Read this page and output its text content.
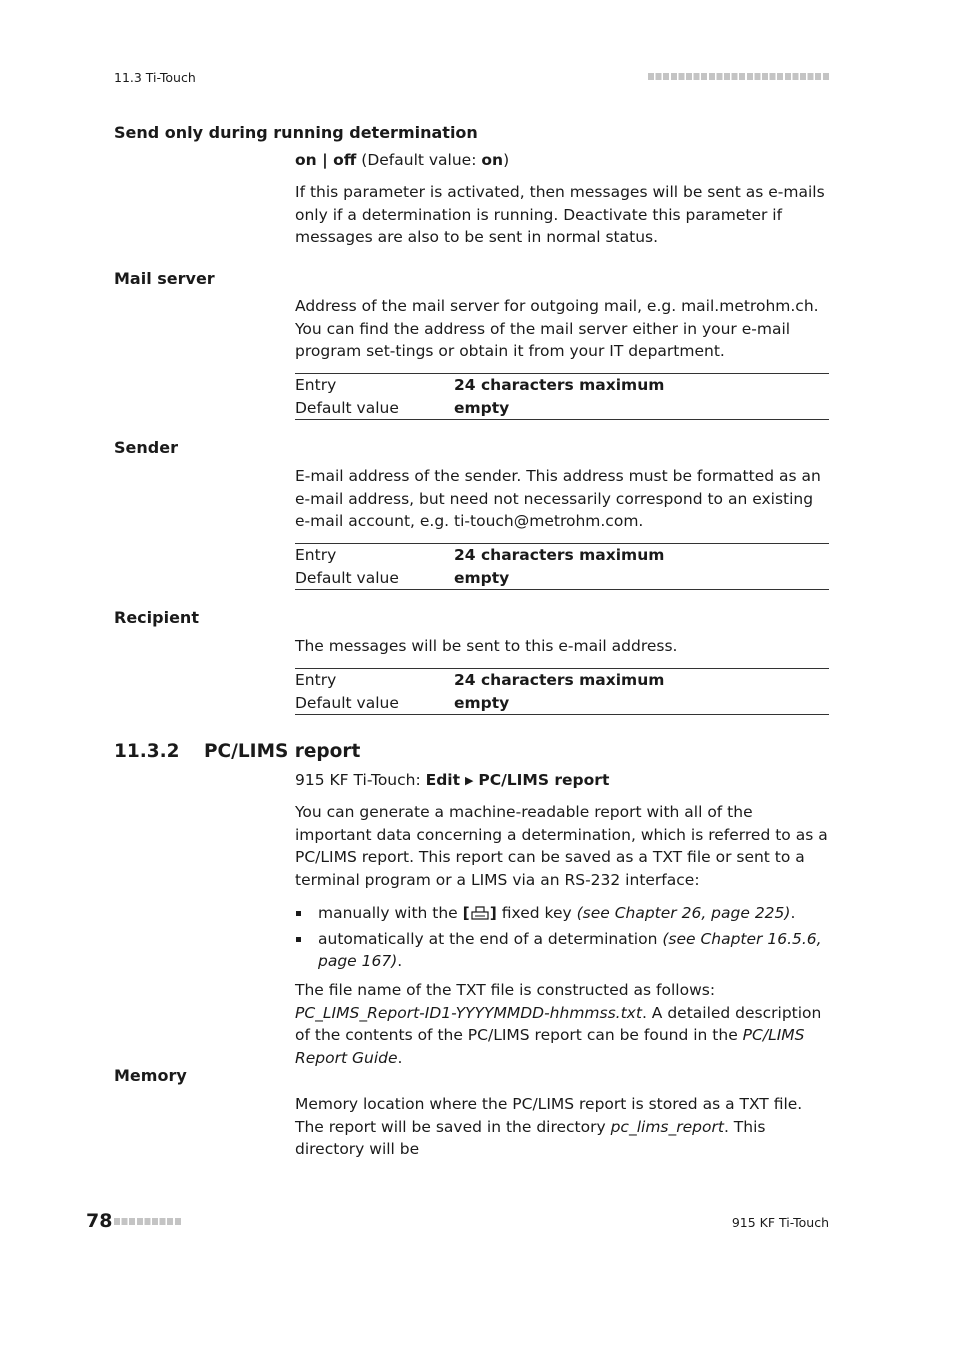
11.3 Ti-Touch
Send only during running determination
on | off (Default value: on)
If this parameter is activated, then messages will be sent as e-mails only if a determination is running. Deactivate this parameter if messages are also to be sent in normal status.
Mail server
Address of the mail server for outgoing mail, e.g. mail.metrohm.ch. You can find the address of the mail server either in your e-mail program set-tings or obtain it from your IT department.
Entry	24 characters maximum
Default value	empty
Sender
E-mail address of the sender. This address must be formatted as an e-mail address, but need not necessarily correspond to an existing e-mail account, e.g. ti-touch@metrohm.com.
Entry	24 characters maximum
Default value	empty
Recipient
The messages will be sent to this e-mail address.
Entry	24 characters maximum
Default value	empty
11.3.2 PC/LIMS report
915 KF Ti-Touch: Edit ▶ PC/LIMS report
You can generate a machine-readable report with all of the important data concerning a determination, which is referred to as a PC/LIMS report. This report can be saved as a TXT file or sent to a terminal program or a LIMS via an RS-232 interface:
manually with the [ ] fixed key (see Chapter 26, page 225).
automatically at the end of a determination (see Chapter 16.5.6, page 167).
The file name of the TXT file is constructed as follows: PC_LIMS_Report-ID1-YYYYMMDD-hhmmss.txt. A detailed description of the contents of the PC/LIMS report can be found in the PC/LIMS Report Guide.
Memory
Memory location where the PC/LIMS report is stored as a TXT file. The report will be saved in the directory pc_lims_report. This directory will be
78	915 KF Ti-Touch
